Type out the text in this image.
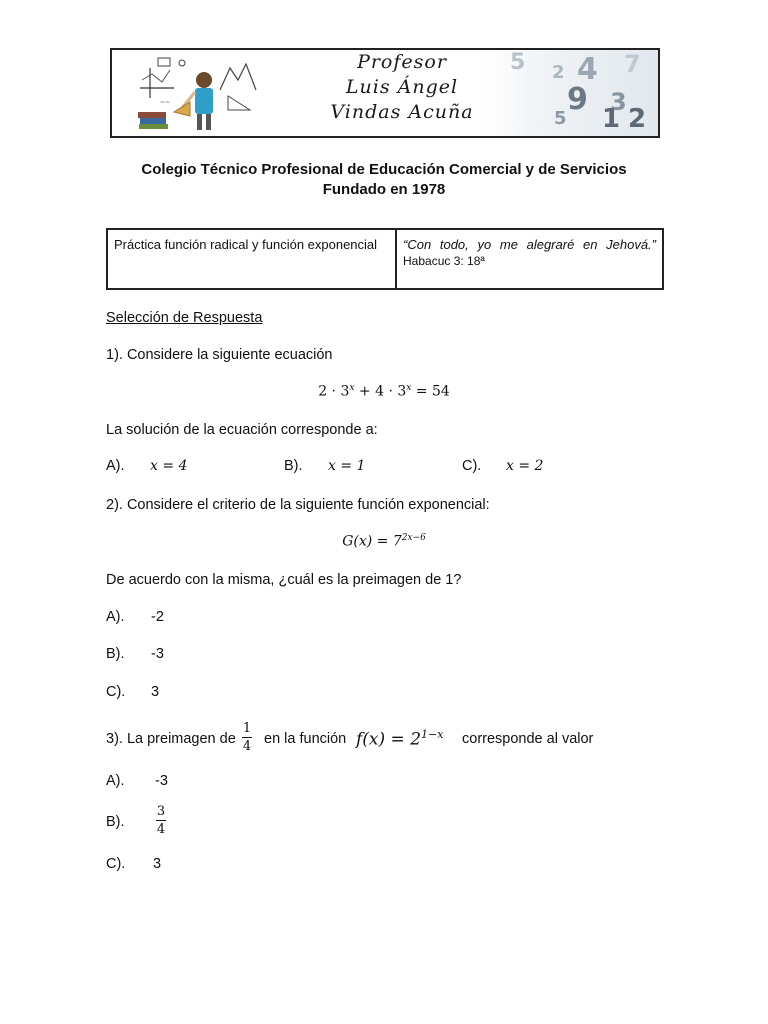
~~
Profesor
Luis Ángel
Vindas Acuña
5 4
2
9 3
5 1 2
7
Colegio Técnico Profesional de Educación Comercial y de Servicios
Fundado en 1978
Práctica función radical y función exponencial	“Con todo, yo me alegraré en Jehová.”
Habacuc 3: 18ª
Selección de Respuesta
1). Considere la siguiente ecuación
$2 \cdot 3^x + 4 \cdot 3^x = 54$
La solución de la ecuación corresponde a:
A). x = 4	B). x = 1	C). x = 2
2). Considere el criterio de la siguiente función exponencial:
$G(x) = 7^{2x-6}$
De acuerdo con la misma, ¿cuál es la preimagen de 1?
A). -2
B). -3
C). 3
3). La preimagen de
1
4 en la función $f(x) = 2^{1-x}$ corresponde al valor
A). -3
B).
3
4
C). 3
